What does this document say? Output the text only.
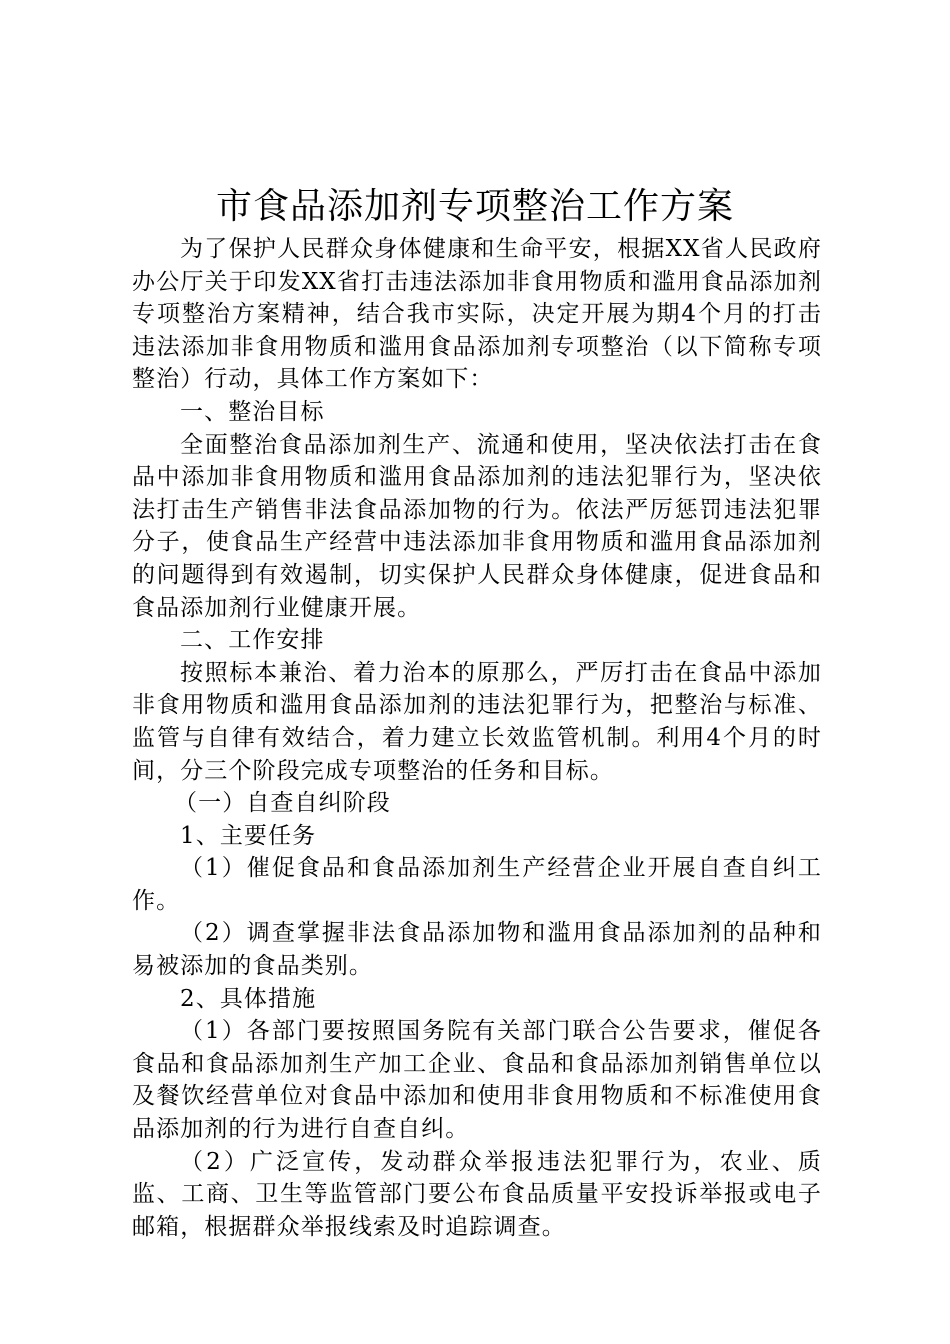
市食品添加剂专项整治工作方案

为了保护人民群众身体健康和生命平安，根据XX省人民政府办公厅关于印发XX省打击违法添加非食用物质和滥用食品添加剂专项整治方案精神，结合我市实际，决定开展为期4个月的打击违法添加非食用物质和滥用食品添加剂专项整治（以下简称专项整治）行动，具体工作方案如下：

一、整治目标

全面整治食品添加剂生产、流通和使用，坚决依法打击在食品中添加非食用物质和滥用食品添加剂的违法犯罪行为，坚决依法打击生产销售非法食品添加物的行为。依法严厉惩罚违法犯罪分子，使食品生产经营中违法添加非食用物质和滥用食品添加剂的问题得到有效遏制，切实保护人民群众身体健康，促进食品和食品添加剂行业健康开展。

二、工作安排

按照标本兼治、着力治本的原那么，严厉打击在食品中添加非食用物质和滥用食品添加剂的违法犯罪行为，把整治与标准、监管与自律有效结合，着力建立长效监管机制。利用4个月的时间，分三个阶段完成专项整治的任务和目标。

（一）自查自纠阶段

1、主要任务

（1）催促食品和食品添加剂生产经营企业开展自查自纠工作。

（2）调查掌握非法食品添加物和滥用食品添加剂的品种和易被添加的食品类别。

2、具体措施

（1）各部门要按照国务院有关部门联合公告要求，催促各食品和食品添加剂生产加工企业、食品和食品添加剂销售单位以及餐饮经营单位对食品中添加和使用非食用物质和不标准使用食品添加剂的行为进行自查自纠。

（2）广泛宣传，发动群众举报违法犯罪行为，农业、质监、工商、卫生等监管部门要公布食品质量平安投诉举报或电子邮箱，根据群众举报线索及时追踪调查。
